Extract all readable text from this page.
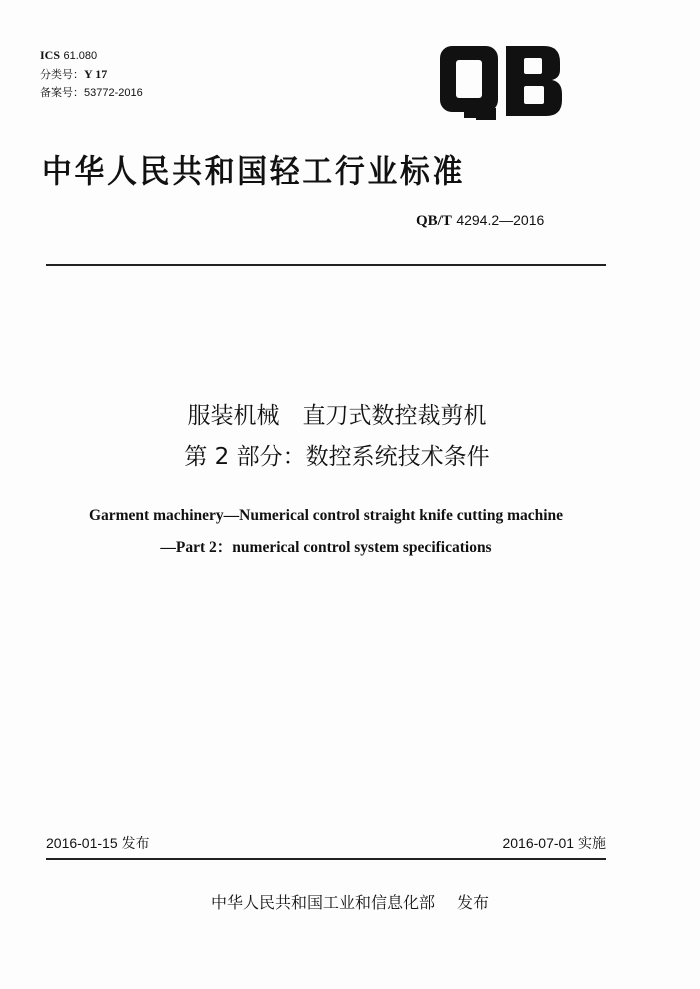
ICS 61.080
分类号：Y 17
备案号：53772-2016
中华人民共和国轻工行业标准
QB/T 4294.2—2016
服装机械　直刀式数控裁剪机
第 2 部分：数控系统技术条件
Garment machinery—Numerical control straight knife cutting machine
—Part 2：numerical control system specifications
2016-01-15 发布	2016-07-01 实施
中华人民共和国工业和信息化部 发布
